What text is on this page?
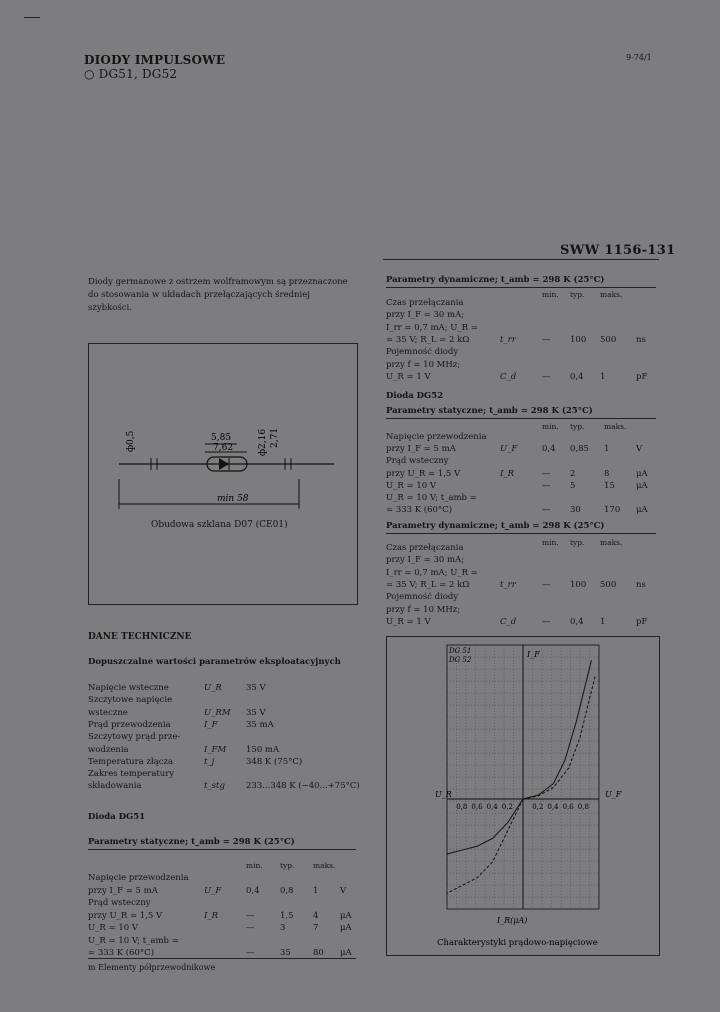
DIODY IMPULSOWE
○ DG51, DG52
9-74/1
SWW 1156-131
Diody germanowe z ostrzem wolframowym są przeznaczone do stosowania w układach przełączających średniej szybkości.
5,85
7,62
ф0,5	ф2,16 2,71
min 58
Obudowa szklana D07 (CE01)
DANE TECHNICZNE
Dopuszczalne wartości parametrów eksploatacyjnych
Napięcie wsteczne	U_R	35 V
Szczytowe napięcie
wsteczne	U_RM 35 V
Prąd przewodzenia	I_F	35 mA
Szczytowy prąd prze-
wodzenia	I_FM 150 mA
Temperatura złącza	t_j	348 K (75°C)
Zakres temperatury
składowania	t_stg 233...348 K (−40...+75°C)
Dioda DG51
Parametry statyczne; t_amb = 298 K (25°C)
min. typ. maks.
Napięcie przewodzenia
przy I_F = 5 mA	U_F	0,4 0,8 1	V
Prąd wsteczny
przy U_R = 1,5 V	I_R	—	1,5 4	μA
U_R = 10 V	—	3	7	μA
U_R = 10 V; t_amb =
= 333 K (60°C)	—	35	80 μA
m Elementy półprzewodnikowe
Parametry dynamiczne; t_amb = 298 K (25°C)
min. typ. maks.
Czas przełączania
przy I_F = 30 mA;
I_rr = 0,7 mA; U_R =
= 35 V; R_L = 2 kΩ	t_rr	— 100 500 ns
Pojemność diody
przy f = 10 MHz;
U_R = 1 V	C_d	— 0,4 1	pF
Dioda DG52
Parametry statyczne; t_amb = 298 K (25°C)
min. typ.	maks.
Napięcie przewodzenia
przy I_F = 5 mA	U_F	0,4 0,85 1	V
Prąd wsteczny
przy U_R = 1,5 V	I_R	— 2	8	μA
U_R = 10 V	— 5	15 μA
U_R = 10 V; t_amb =
= 333 K (60°C)	— 30	170 μA
Parametry dynamiczne; t_amb = 298 K (25°C)
min. typ. maks.
Czas przełączania
przy I_F = 30 mA;
I_rr = 0,7 mA; U_R =
= 35 V; R_L = 2 kΩ	t_rr	— 100 500 ns
Pojemność diody
przy f = 10 MHz;
U_R = 1 V	C_d	— 0,4 1	pF
0,2 0,4 0,6 0,8
0,8 0,6 0,4 0,2
I_R(μA)
I_F
U_F
U_R
DG 51
DG 52
Charakterystyki prądowo-napięciowe
